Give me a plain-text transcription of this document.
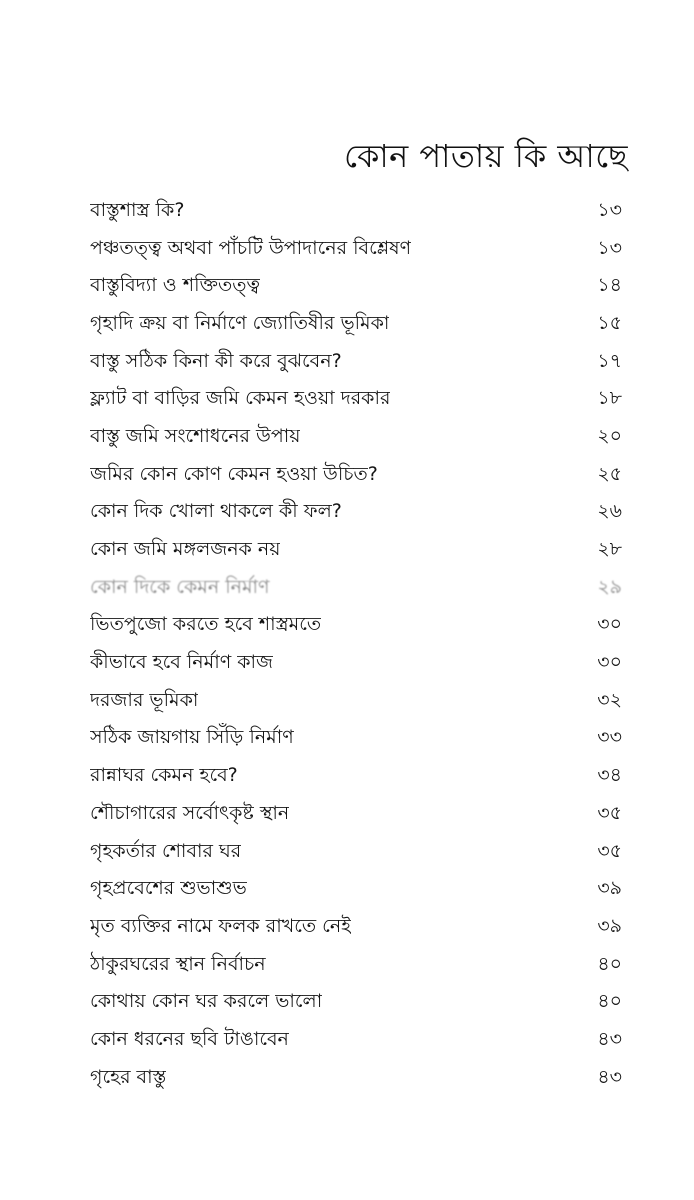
কোন পাতায় কি আছে
বাস্তুশাস্ত্র কি?	১৩
পঞ্চতত্ত্ব অথবা পাঁচটি উপাদানের বিশ্লেষণ	১৩
বাস্তুবিদ্যা ও শক্তিতত্ত্ব	১৪
গৃহাদি ক্রয় বা নির্মাণে জ্যোতিষীর ভূমিকা	১৫
বাস্তু সঠিক কিনা কী করে বুঝবেন?	১৭
ফ্ল্যাট বা বাড়ির জমি কেমন হওয়া দরকার	১৮
বাস্তু জমি সংশোধনের উপায়	২০
জমির কোন কোণ কেমন হওয়া উচিত?	২৫
কোন দিক খোলা থাকলে কী ফল?	২৬
কোন জমি মঙ্গলজনক নয়	২৮
কোন দিকে কেমন নির্মাণ	২৯
ভিতপুজো করতে হবে শাস্ত্রমতে	৩০
কীভাবে হবে নির্মাণ কাজ	৩০
দরজার ভূমিকা	৩২
সঠিক জায়গায় সিঁড়ি নির্মাণ	৩৩
রান্নাঘর কেমন হবে?	৩৪
শৌচাগারের সর্বোৎকৃষ্ট স্থান	৩৫
গৃহকর্তার শোবার ঘর	৩৫
গৃহপ্রবেশের শুভাশুভ	৩৯
মৃত ব্যক্তির নামে ফলক রাখতে নেই	৩৯
ঠাকুরঘরের স্থান নির্বাচন	৪০
কোথায় কোন ঘর করলে ভালো	৪০
কোন ধরনের ছবি টাঙাবেন	৪৩
গৃহের বাস্তু	৪৩
